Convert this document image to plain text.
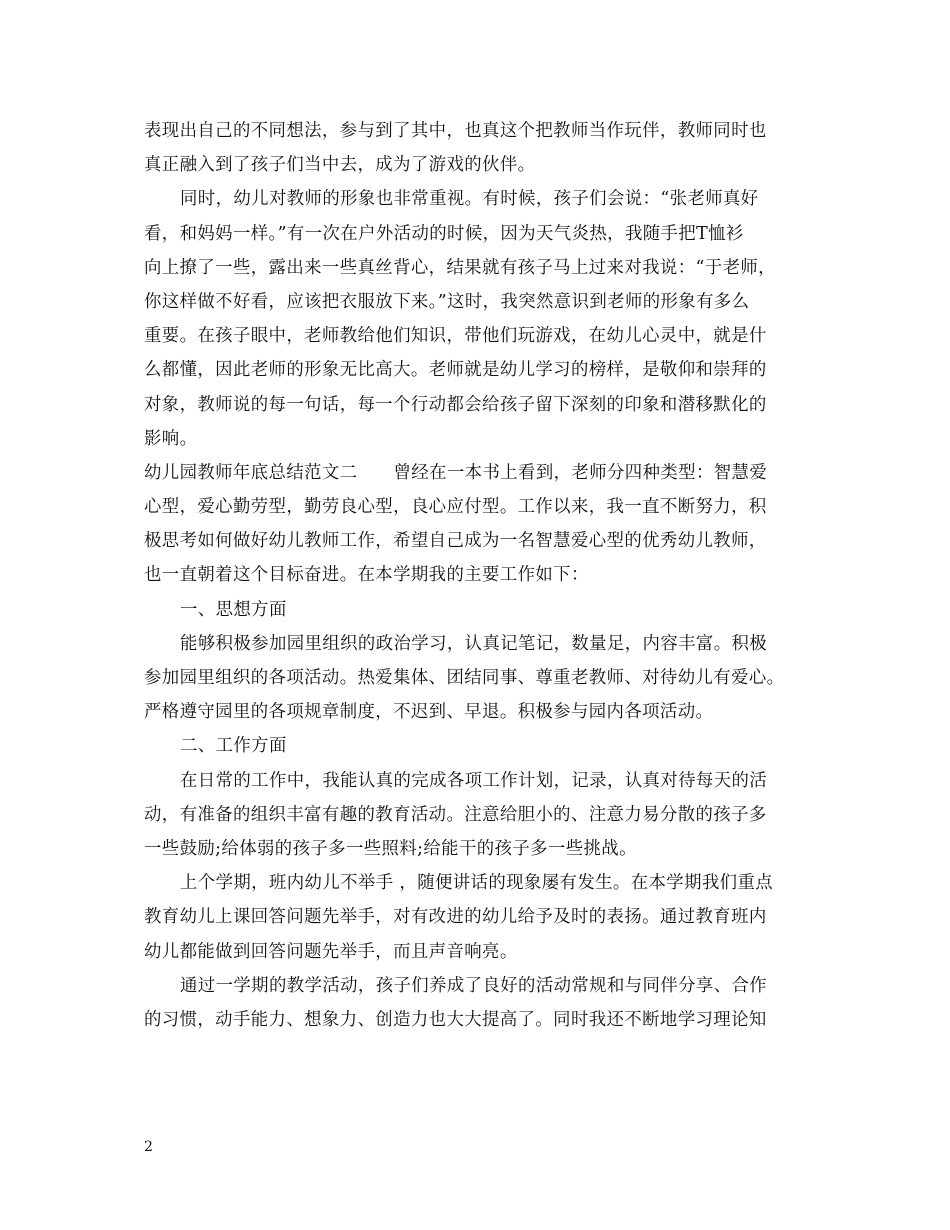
表现出自己的不同想法，参与到了其中，也真这个把教师当作玩伴，教师同时也
真正融入到了孩子们当中去，成为了游戏的伙伴。
同时，幼儿对教师的形象也非常重视。有时候，孩子们会说：“张老师真好
看，和妈妈一样。”有一次在户外活动的时候，因为天气炎热，我随手把T恤衫
向上撩了一些，露出来一些真丝背心，结果就有孩子马上过来对我说：“于老师，
你这样做不好看，应该把衣服放下来。”这时，我突然意识到老师的形象有多么
重要。在孩子眼中，老师教给他们知识，带他们玩游戏，在幼儿心灵中，就是什
么都懂，因此老师的形象无比高大。老师就是幼儿学习的榜样，是敬仰和崇拜的
对象，教师说的每一句话，每一个行动都会给孩子留下深刻的印象和潜移默化的
影响。
幼儿园教师年底总结范文二 曾经在一本书上看到，老师分四种类型：智慧爱
心型，爱心勤劳型，勤劳良心型，良心应付型。工作以来，我一直不断努力，积
极思考如何做好幼儿教师工作，希望自己成为一名智慧爱心型的优秀幼儿教师，
也一直朝着这个目标奋进。在本学期我的主要工作如下：
一、思想方面
能够积极参加园里组织的政治学习，认真记笔记，数量足，内容丰富。积极
参加园里组织的各项活动。热爱集体、团结同事、尊重老教师、对待幼儿有爱心。
严格遵守园里的各项规章制度，不迟到、早退。积极参与园内各项活动。
二、工作方面
在日常的工作中，我能认真的完成各项工作计划，记录，认真对待每天的活
动，有准备的组织丰富有趣的教育活动。注意给胆小的、注意力易分散的孩子多
一些鼓励;给体弱的孩子多一些照料;给能干的孩子多一些挑战。
上个学期，班内幼儿不举手 ，随便讲话的现象屡有发生。在本学期我们重点
教育幼儿上课回答问题先举手，对有改进的幼儿给予及时的表扬。通过教育班内
幼儿都能做到回答问题先举手，而且声音响亮。
通过一学期的教学活动，孩子们养成了良好的活动常规和与同伴分享、合作
的习惯，动手能力、想象力、创造力也大大提高了。同时我还不断地学习理论知
2
